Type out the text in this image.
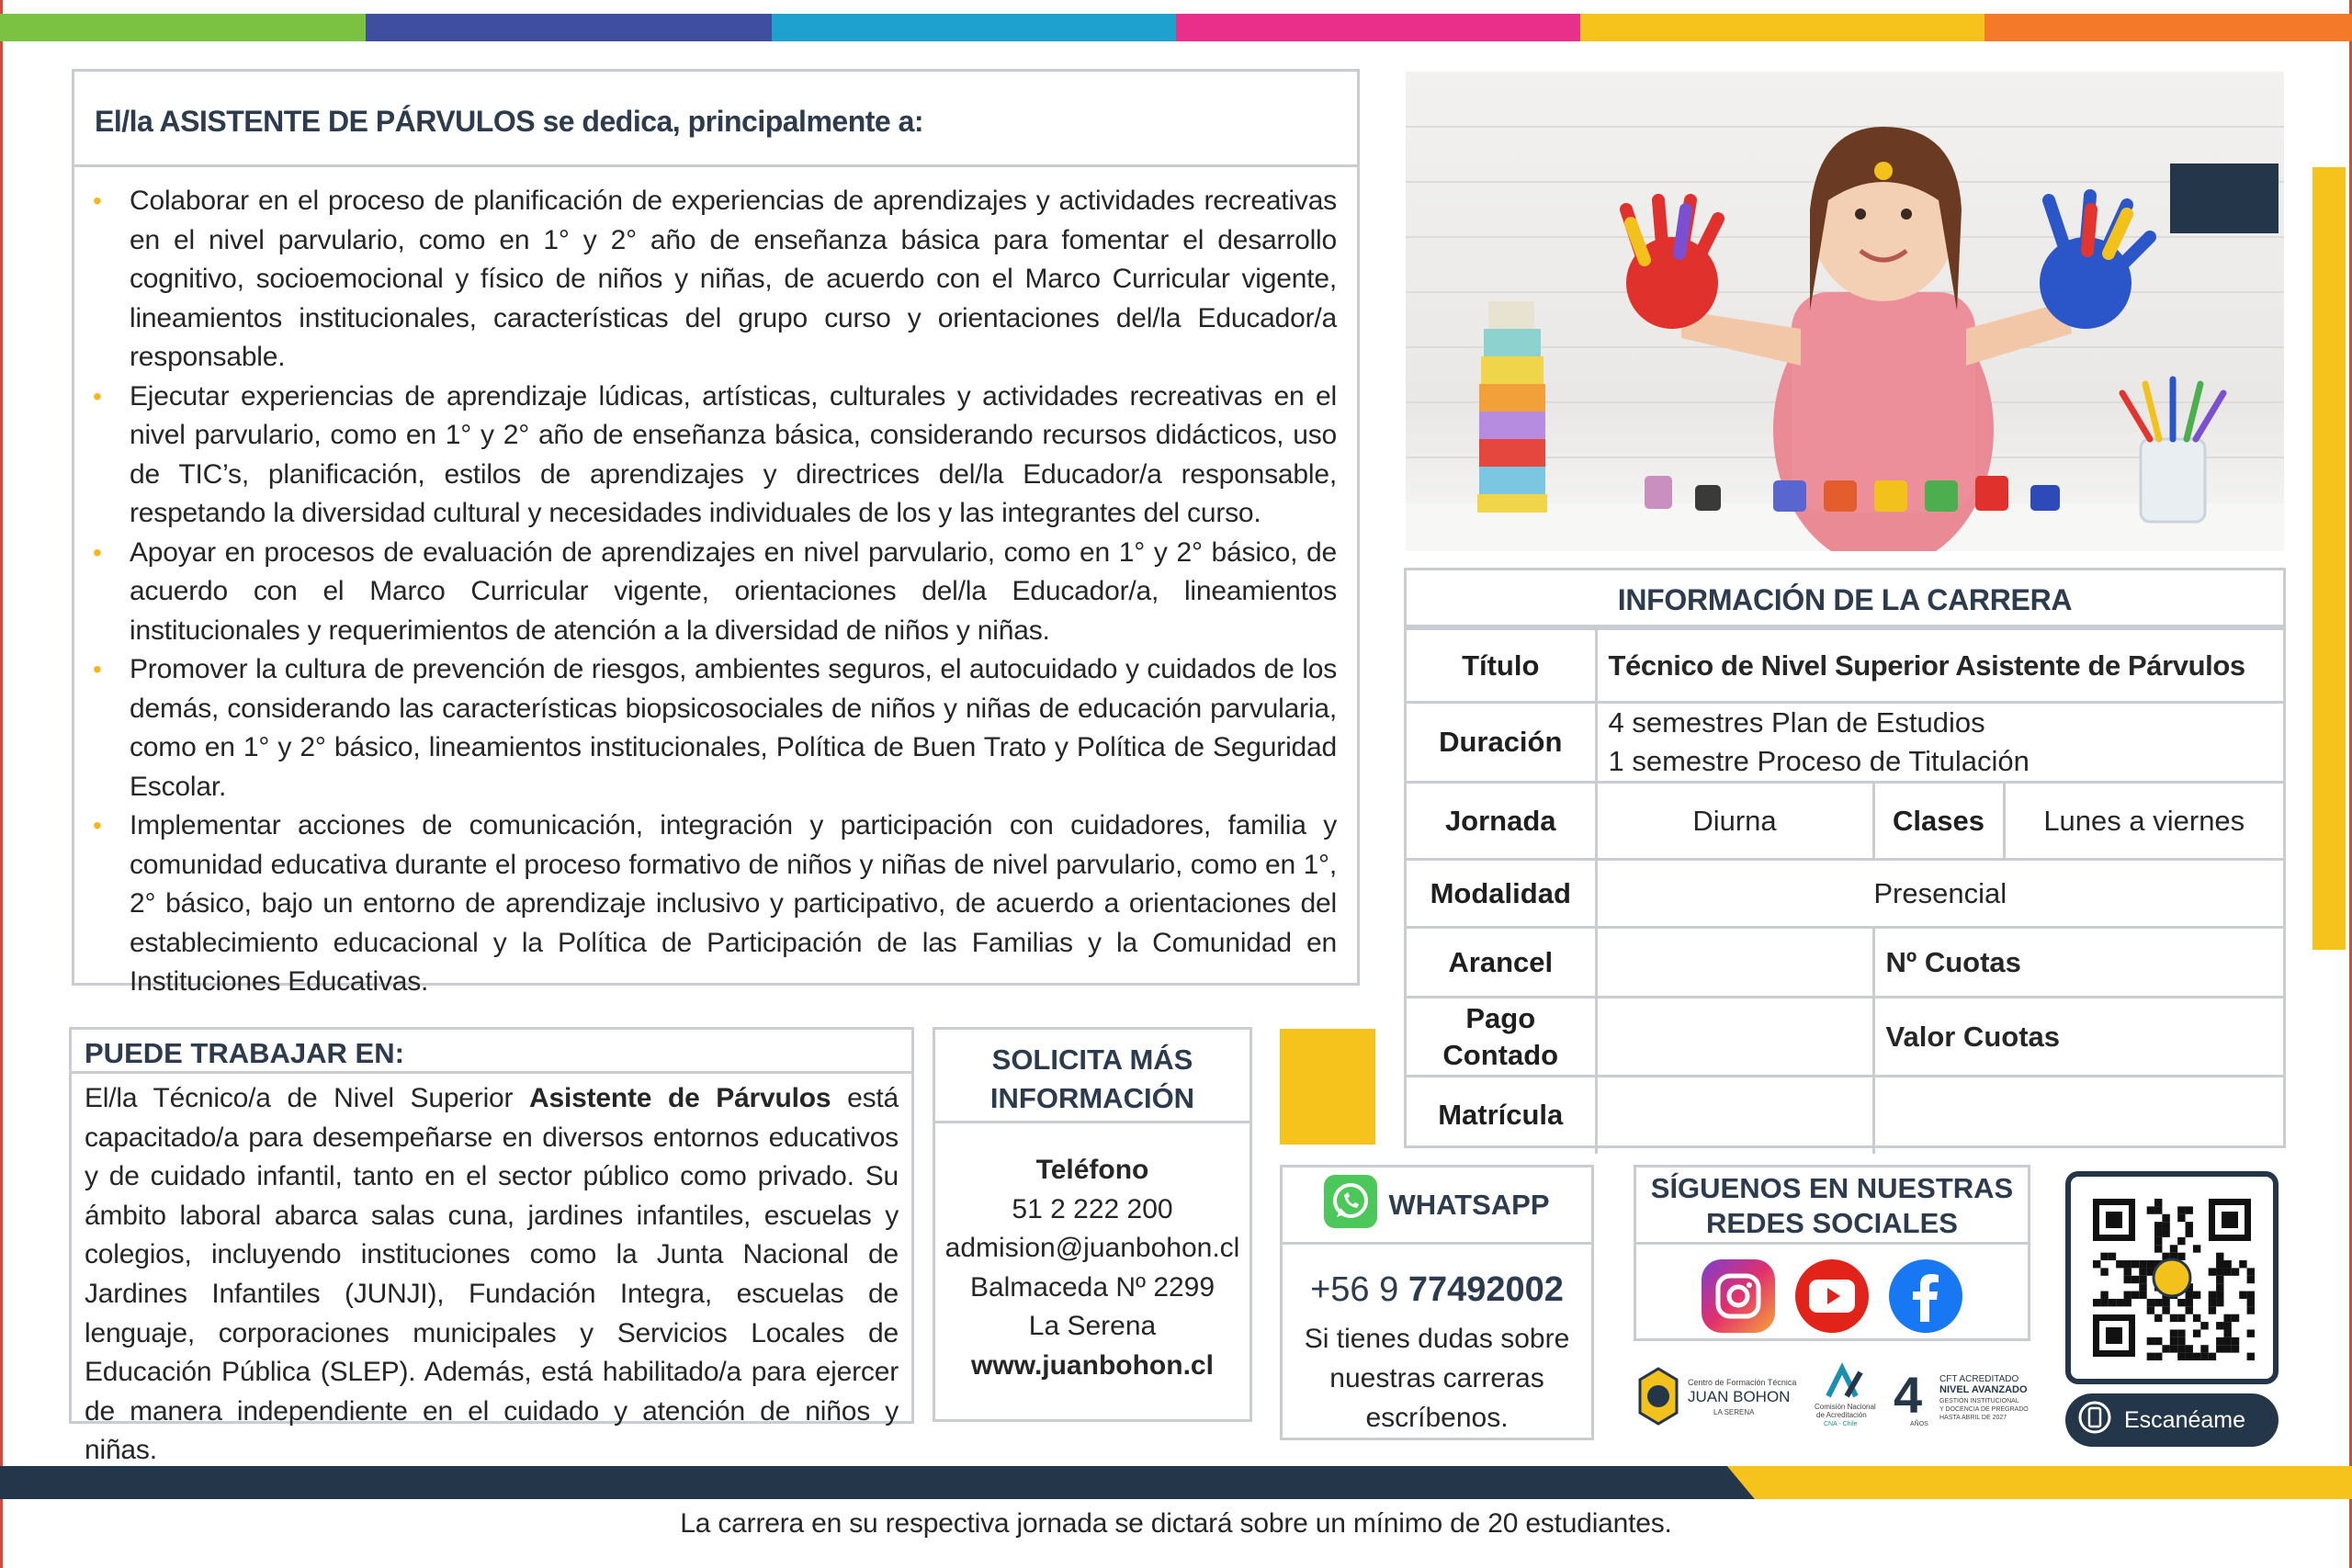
El/la ASISTENTE DE PÁRVULOS se dedica, principalmente a:
• Colaborar en el proceso de planificación de experiencias de aprendizajes y actividades recreativas en el nivel parvulario, como en 1° y 2° año de enseñanza básica para fomentar el desarrollo cognitivo, socioemocional y físico de niños y niñas, de acuerdo con el Marco Curricular vigente, lineamientos institucionales, características del grupo curso y orientaciones del/la Educador/a responsable.
• Ejecutar experiencias de aprendizaje lúdicas, artísticas, culturales y actividades recreativas en el nivel parvulario, como en 1° y 2° año de enseñanza básica, considerando recursos didácticos, uso de TIC’s, planificación, estilos de aprendizajes y directrices del/la Educador/a responsable, respetando la diversidad cultural y necesidades individuales de los y las integrantes del curso.
• Apoyar en procesos de evaluación de aprendizajes en nivel parvulario, como en 1° y 2° básico, de acuerdo con el Marco Curricular vigente, orientaciones del/la Educador/a, lineamientos institucionales y requerimientos de atención a la diversidad de niños y niñas.
• Promover la cultura de prevención de riesgos, ambientes seguros, el autocuidado y cuidados de los demás, considerando las características biopsicosociales de niños y niñas de educación parvularia, como en 1° y 2° básico, lineamientos institucionales, Política de Buen Trato y Política de Seguridad Escolar.
• Implementar acciones de comunicación, integración y participación con cuidadores, familia y comunidad educativa durante el proceso formativo de niños y niñas de nivel parvulario, como en 1°, 2° básico, bajo un entorno de aprendizaje inclusivo y participativo, de acuerdo a orientaciones del establecimiento educacional y la Política de Participación de las Familias y la Comunidad en Instituciones Educativas.
INFORMACIÓN DE LA CARRERA
Título	Técnico de Nivel Superior Asistente de Párvulos		
Duración	4 semestres Plan de Estudios
1 semestre Proceso de Titulación		

Jornada	Diurna	Clases	Lunes a viernes
Modalidad	Presencial		
Arancel		Nº Cuotas	

Pago
Contado		Valor Cuotas	
Matrícula			
PUEDE TRABAJAR EN:

El/la Técnico/a de Nivel Superior Asistente de Párvulos está capacitado/a para desempeñarse en diversos entornos educativos y de cuidado infantil, tanto en el sector público como privado. Su ámbito laboral abarca salas cuna, jardines infantiles, escuelas y colegios, incluyendo instituciones como la Junta Nacional de Jardines Infantiles (JUNJI), Fundación Integra, escuelas de lenguaje, corporaciones municipales y Servicios Locales de Educación Pública (SLEP). Además, está habilitado/a para ejercer de manera independiente en el cuidado y atención de niños y niñas.

SOLICITA MÁS
INFORMACIÓN
Teléfono
51 2 222 200
admision@juanbohon.cl
Balmaceda Nº 2299
La Serena
www.juanbohon.cl
WHATSAPP
+56 9 77492002
Si tienes dudas sobre
nuestras carreras
escríbenos.
SÍGUENOS EN NUESTRAS
REDES SOCIALES
Centro de Formación Técnica
JUAN BOHON
LA SERENA
Comisión Nacional
de Acreditación
CNA - Chile
4
AÑOS
CFT ACREDITADO
NIVEL AVANZADO
GESTIÓN INSTITUCIONAL
Y DOCENCIA DE PREGRADO
HASTA ABRIL DE 2027	Escanéame
La carrera en su respectiva jornada se dictará sobre un mínimo de 20 estudiantes.
